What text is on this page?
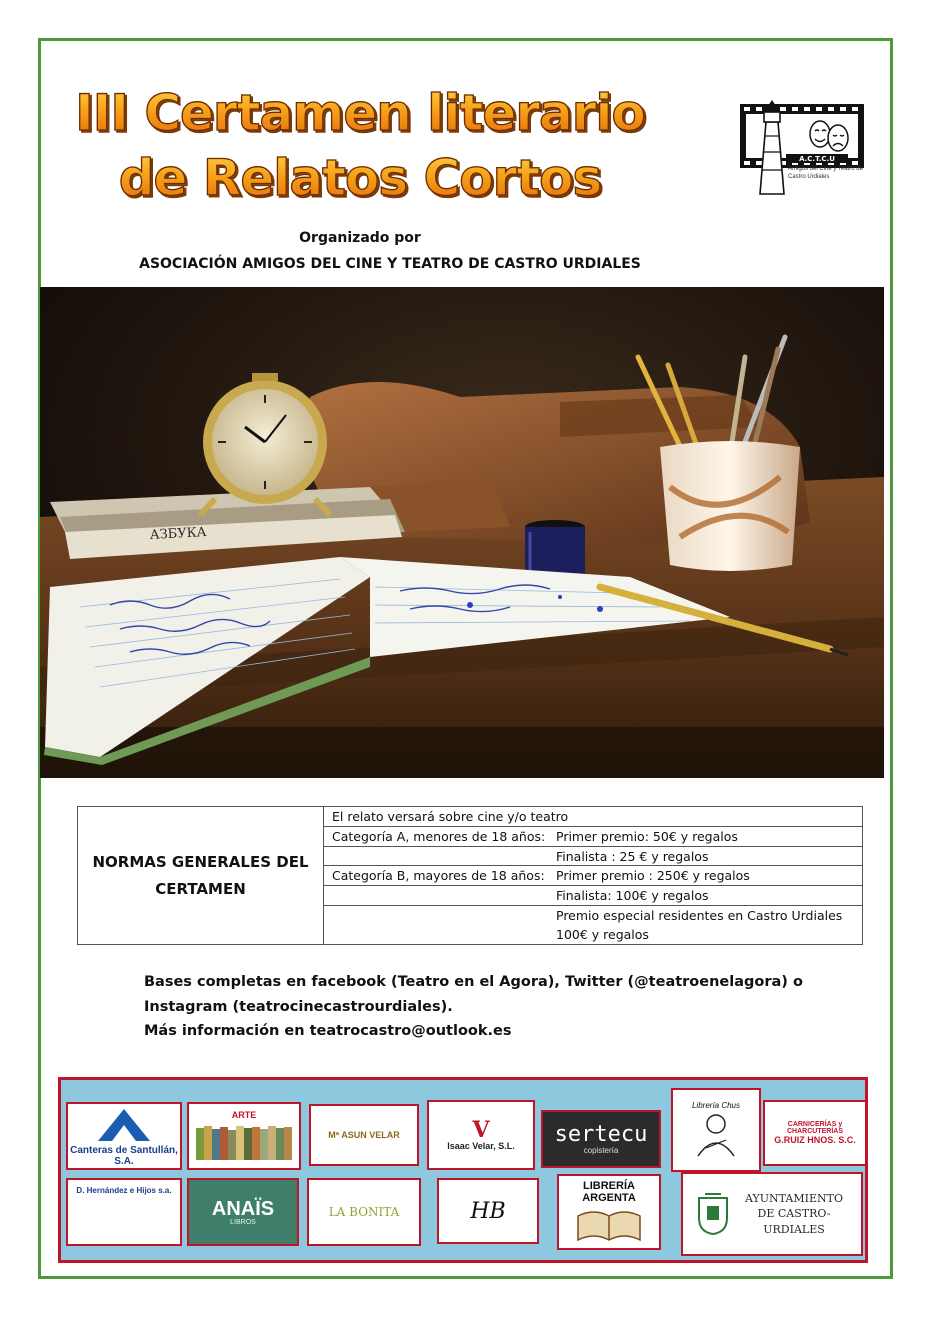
III Certamen literario
de Relatos Cortos	A.C.T.C.U
Amigos del Cine y Teatro de Castro Urdiales
Organizado por
ASOCIACIÓN AMIGOS DEL CINE Y TEATRO DE CASTRO URDIALES
АЗБУКА
NORMAS GENERALES DEL CERTAMEN
El relato versará sobre cine y/o teatro
Categoría A, menores de 18 años: Primer premio: 50€ y regalos
Finalista : 25 € y regalos
Categoría B, mayores de 18 años: Primer premio : 250€ y regalos
Finalista: 100€ y regalos
Premio especial residentes en Castro Urdiales 100€ y regalos
Bases completas en facebook (Teatro en el Agora), Twitter (@teatroenelagora) o
Instagram (teatrocinecastrourdiales).
Más información en teatrocastro@outlook.es
Canteras de Santullán, S.A.
ARTE
Mª ASUN VELAR	V
Isaac Velar, S.L. sertecu
copistería
Librería Chus
CARNICERÍAS y CHARCUTERÍAS
G.RUIZ HNOS. S.C.
D. Hernández e Hijos s.a.
ANAÏS
LIBROS
LA BONITA	HB
LIBRERÍA ARGENTA	AYUNTAMIENTO DE CASTRO-URDIALES
